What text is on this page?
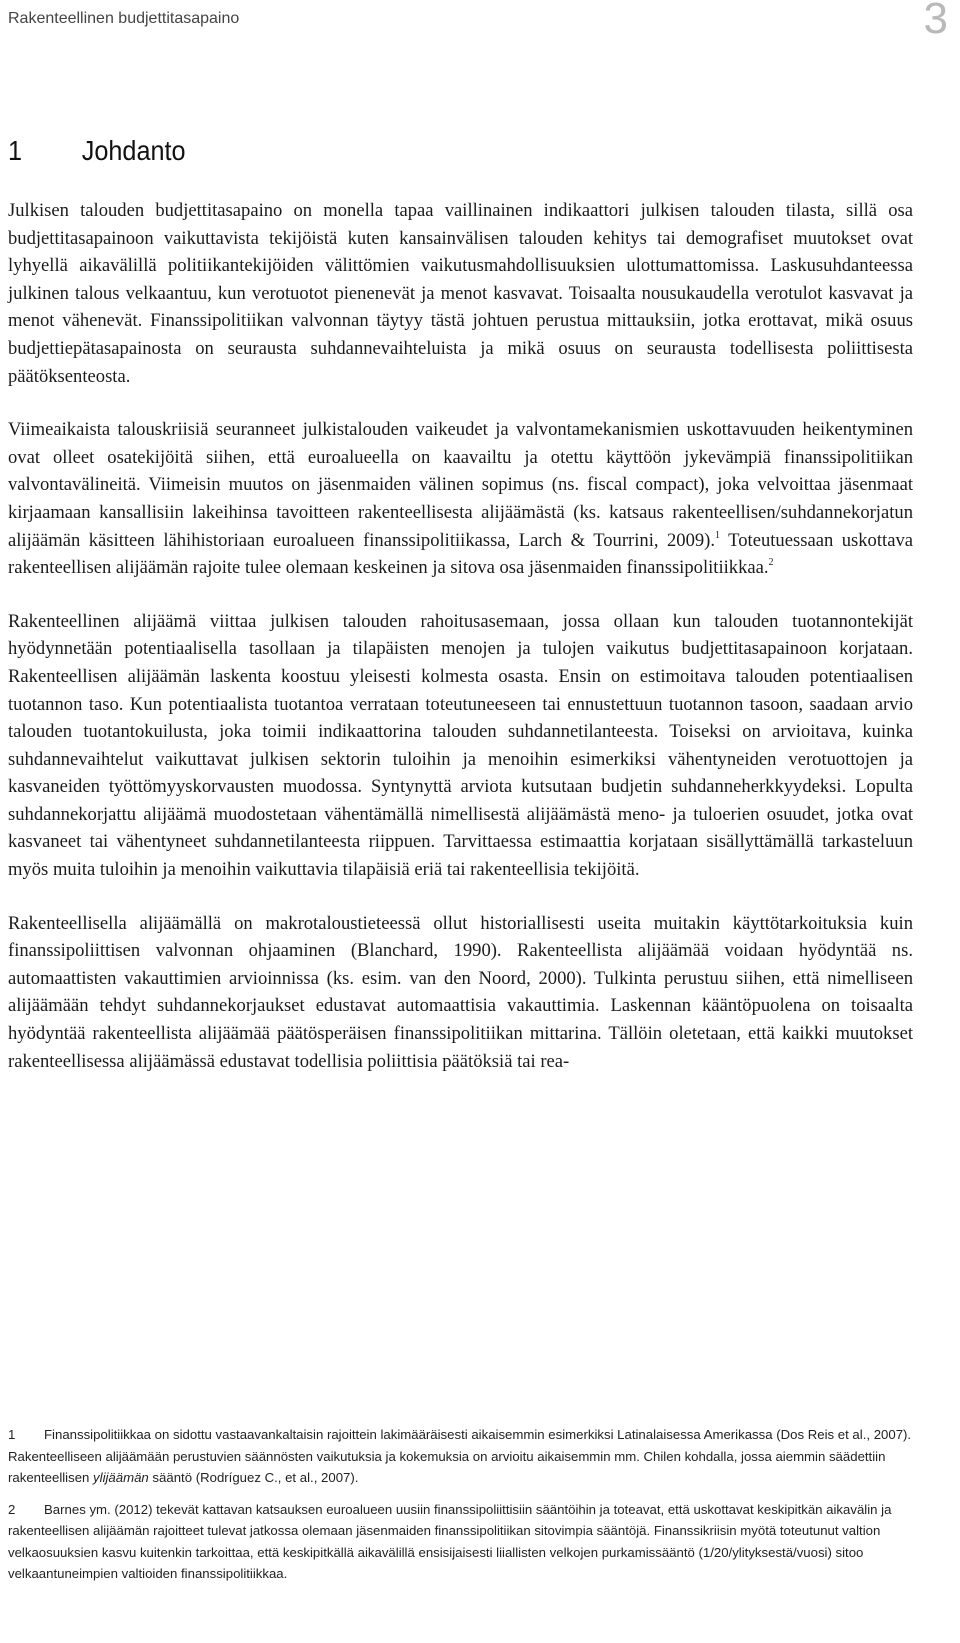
Rakenteellinen budjettitasapaino	3
1 Johdanto

Julkisen talouden budjettitasapaino on monella tapaa vaillinainen indikaattori julkisen talouden tilasta, sillä osa budjettitasapainoon vaikuttavista tekijöistä kuten kansainvälisen talouden kehitys tai demografiset muutokset ovat lyhyellä aikavälillä politiikantekijöiden välittömien vaikutusmahdollisuuksien ulottumattomissa. Laskusuhdanteessa julkinen talous velkaantuu, kun verotuotot pienenevät ja menot kasvavat. Toisaalta nousukaudella verotulot kasvavat ja menot vähenevät. Finanssipolitiikan valvonnan täytyy tästä johtuen perustua mittauksiin, jotka erottavat, mikä osuus budjettiepätasapainosta on seurausta suhdannevaihteluista ja mikä osuus on seurausta todellisesta poliittisesta päätöksenteosta.

Viimeaikaista talouskriisiä seuranneet julkistalouden vaikeudet ja valvontamekanismien uskottavuuden heikentyminen ovat olleet osatekijöitä siihen, että euroalueella on kaavailtu ja otettu käyttöön jykevämpiä finanssipolitiikan valvontavälineitä. Viimeisin muutos on jäsenmaiden välinen sopimus (ns. fiscal compact), joka velvoittaa jäsenmaat kirjaamaan kansallisiin lakeihinsa tavoitteen rakenteellisesta alijäämästä (ks. katsaus rakenteellisen/suhdannekorjatun alijäämän käsitteen lähihistoriaan euroalueen finanssipolitiikassa, Larch & Tourrini, 2009).$^1$ Toteutuessaan uskottava rakenteellisen alijäämän rajoite tulee olemaan keskeinen ja sitova osa jäsenmaiden finanssipolitiikkaa.$^2$

Rakenteellinen alijäämä viittaa julkisen talouden rahoitusasemaan, jossa ollaan kun talouden tuotannontekijät hyödynnetään potentiaalisella tasollaan ja tilapäisten menojen ja tulojen vaikutus budjettitasapainoon korjataan. Rakenteellisen alijäämän laskenta koostuu yleisesti kolmesta osasta. Ensin on estimoitava talouden potentiaalisen tuotannon taso. Kun potentiaalista tuotantoa verrataan toteutuneeseen tai ennustettuun tuotannon tasoon, saadaan arvio talouden tuotantokuilusta, joka toimii indikaattorina talouden suhdannetilanteesta. Toiseksi on arvioitava, kuinka suhdannevaihtelut vaikuttavat julkisen sektorin tuloihin ja menoihin esimerkiksi vähentyneiden verotuottojen ja kasvaneiden työttömyyskorvausten muodossa. Syntynyttä arviota kutsutaan budjetin suhdanneherkkyydeksi. Lopulta suhdannekorjattu alijäämä muodostetaan vähentämällä nimellisestä alijäämästä meno- ja tuloerien osuudet, jotka ovat kasvaneet tai vähentyneet suhdannetilanteesta riippuen. Tarvittaessa estimaattia korjataan sisällyttämällä tarkasteluun myös muita tuloihin ja menoihin vaikuttavia tilapäisiä eriä tai rakenteellisia tekijöitä.

Rakenteellisella alijäämällä on makrotaloustieteessä ollut historiallisesti useita muitakin käyttötarkoituksia kuin finanssipoliittisen valvonnan ohjaaminen (Blanchard, 1990). Rakenteellista alijäämää voidaan hyödyntää ns. automaattisten vakauttimien arvioinnissa (ks. esim. van den Noord, 2000). Tulkinta perustuu siihen, että nimelliseen alijäämään tehdyt suhdannekorjaukset edustavat automaattisia vakauttimia. Laskennan kääntöpuolena on toisaalta hyödyntää rakenteellista alijäämää päätösperäisen finanssipolitiikan mittarina. Tällöin oletetaan, että kaikki muutokset rakenteellisessa alijäämässä edustavat todellisia poliittisia päätöksiä tai rea-

1 Finanssipolitiikkaa on sidottu vastaavankaltaisin rajoittein lakimääräisesti aikaisemmin esimerkiksi Latinalaisessa Amerikassa (Dos Reis et al., 2007). Rakenteelliseen alijäämään perustuvien säännösten vaikutuksia ja kokemuksia on arvioitu aikaisemmin mm. Chilen kohdalla, jossa aiemmin säädettiin rakenteellisen ylijäämän sääntö (Rodríguez C., et al., 2007).
2 Barnes ym. (2012) tekevät kattavan katsauksen euroalueen uusiin finanssipoliittisiin sääntöihin ja toteavat, että uskottavat keskipitkän aikavälin ja rakenteellisen alijäämän rajoitteet tulevat jatkossa olemaan jäsenmaiden finanssipolitiikan sitovimpia sääntöjä. Finanssikriisin myötä toteutunut valtion velkaosuuksien kasvu kuitenkin tarkoittaa, että keskipitkällä aikavälillä ensisijaisesti liiallisten velkojen purkamissääntö (1/20/ylityksestä/vuosi) sitoo velkaantuneimpien valtioiden finanssipolitiikkaa.
